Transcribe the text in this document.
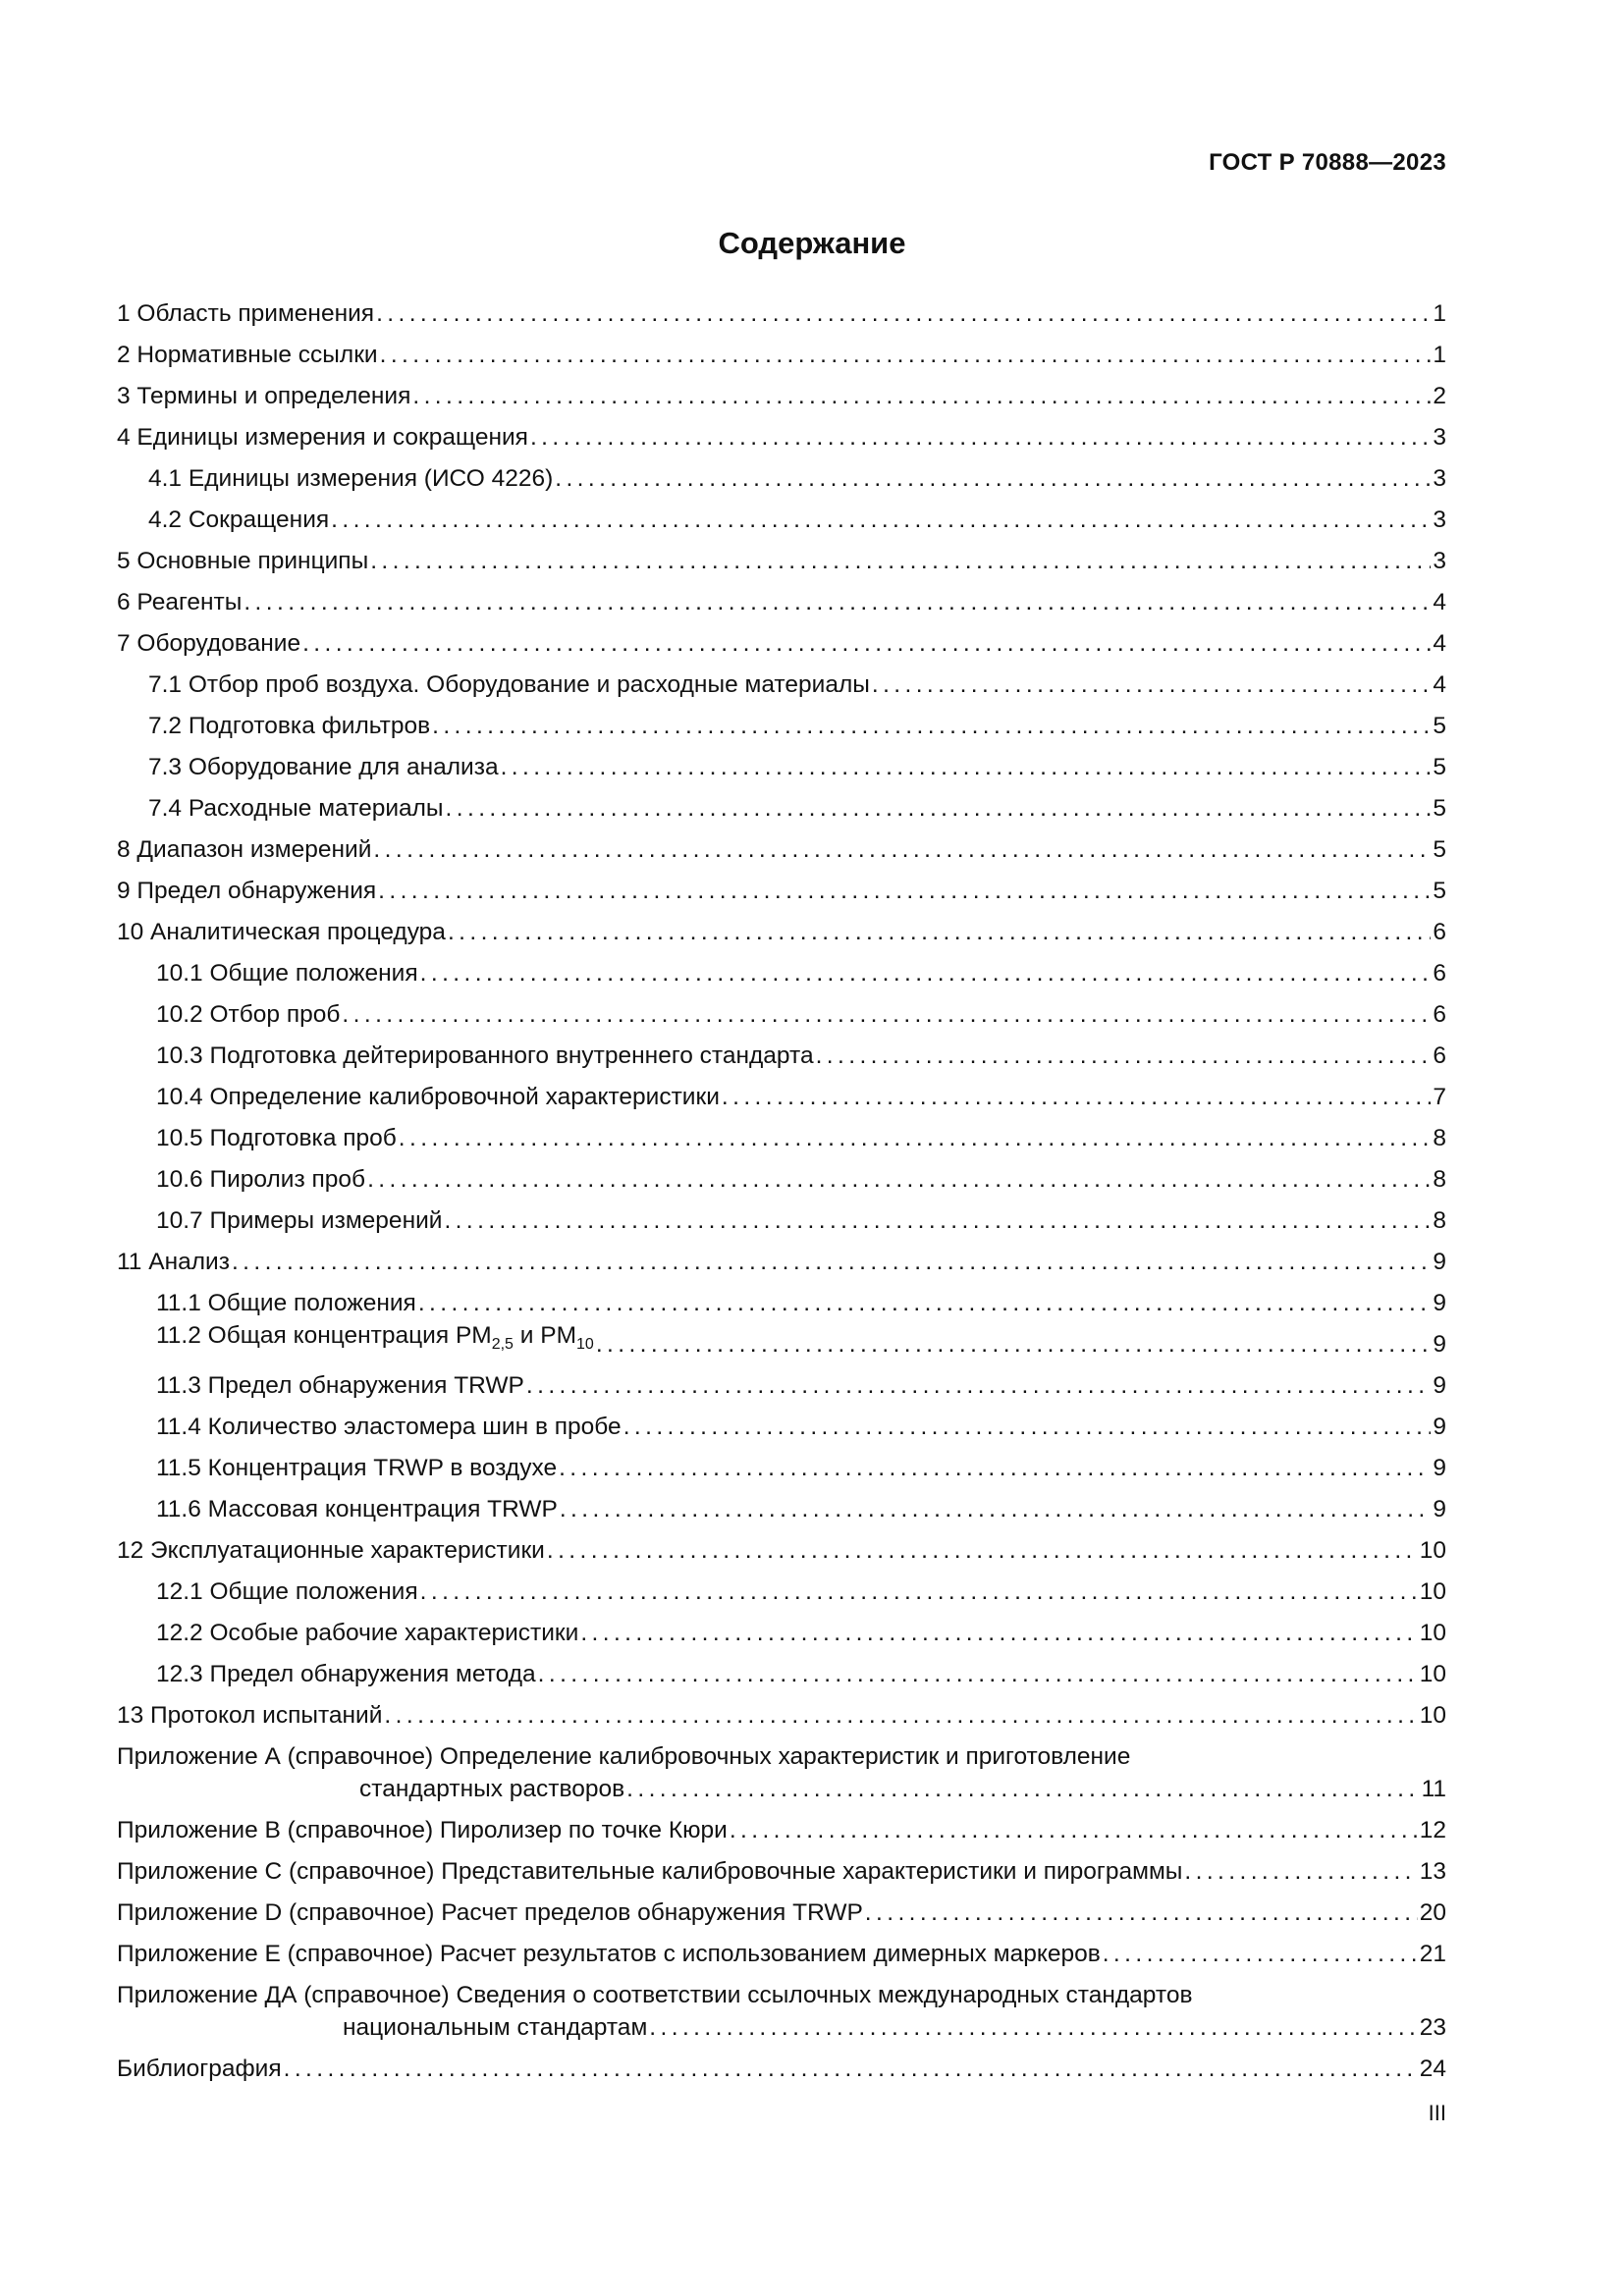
ГОСТ Р 70888—2023
Содержание
1 Область применения . . .	1
2 Нормативные ссылки . . .	1
3 Термины и определения . . .	2
4 Единицы измерения и сокращения . . .	3
4.1 Единицы измерения (ИСО 4226) . . .	3
4.2 Сокращения . . .	3
5 Основные принципы . . .	3
6 Реагенты . . .	4
7 Оборудование . . .	4
7.1 Отбор проб воздуха. Оборудование и расходные материалы . . .	4
7.2 Подготовка фильтров . . .	5
7.3 Оборудование для анализа . . .	5
7.4 Расходные материалы . . .	5
8 Диапазон измерений . . .	5
9 Предел обнаружения . . .	5
10 Аналитическая процедура . . .	6
10.1 Общие положения . . .	6
10.2 Отбор проб . . .	6
10.3 Подготовка дейтерированного внутреннего стандарта . . .	6
10.4 Определение калибровочной характеристики . . .	7
10.5 Подготовка проб . . .	8
10.6 Пиролиз проб . . .	8
10.7 Примеры измерений . . .	8
11 Анализ . . .	9
11.1 Общие положения . . .	9
11.2 Общая концентрация $PM_{2,5}$ и $PM_{10}$ . . .	9
11.3 Предел обнаружения TRWP . . .	9
11.4 Количество эластомера шин в пробе . . .	9
11.5 Концентрация TRWP в воздухе . . .	9
11.6 Массовая концентрация TRWP . . .	9
12 Эксплуатационные характеристики . . .	10
12.1 Общие положения . . .	10
12.2 Особые рабочие характеристики . . .	10
12.3 Предел обнаружения метода . . .	10
13 Протокол испытаний . . .	10
Приложение А (справочное) Определение калибровочных характеристик и приготовление
стандартных растворов . . .	11
Приложение В (справочное) Пиролизер по точке Кюри . . .	12
Приложение С (справочное) Представительные калибровочные характеристики и пирограммы . . .	13
Приложение D (справочное) Расчет пределов обнаружения TRWP . . .	20
Приложение Е (справочное) Расчет результатов с использованием димерных маркеров . . .	21
Приложение ДА (справочное) Сведения о соответствии ссылочных международных стандартов
национальным стандартам . . .	23
Библиография . . .	24
III
